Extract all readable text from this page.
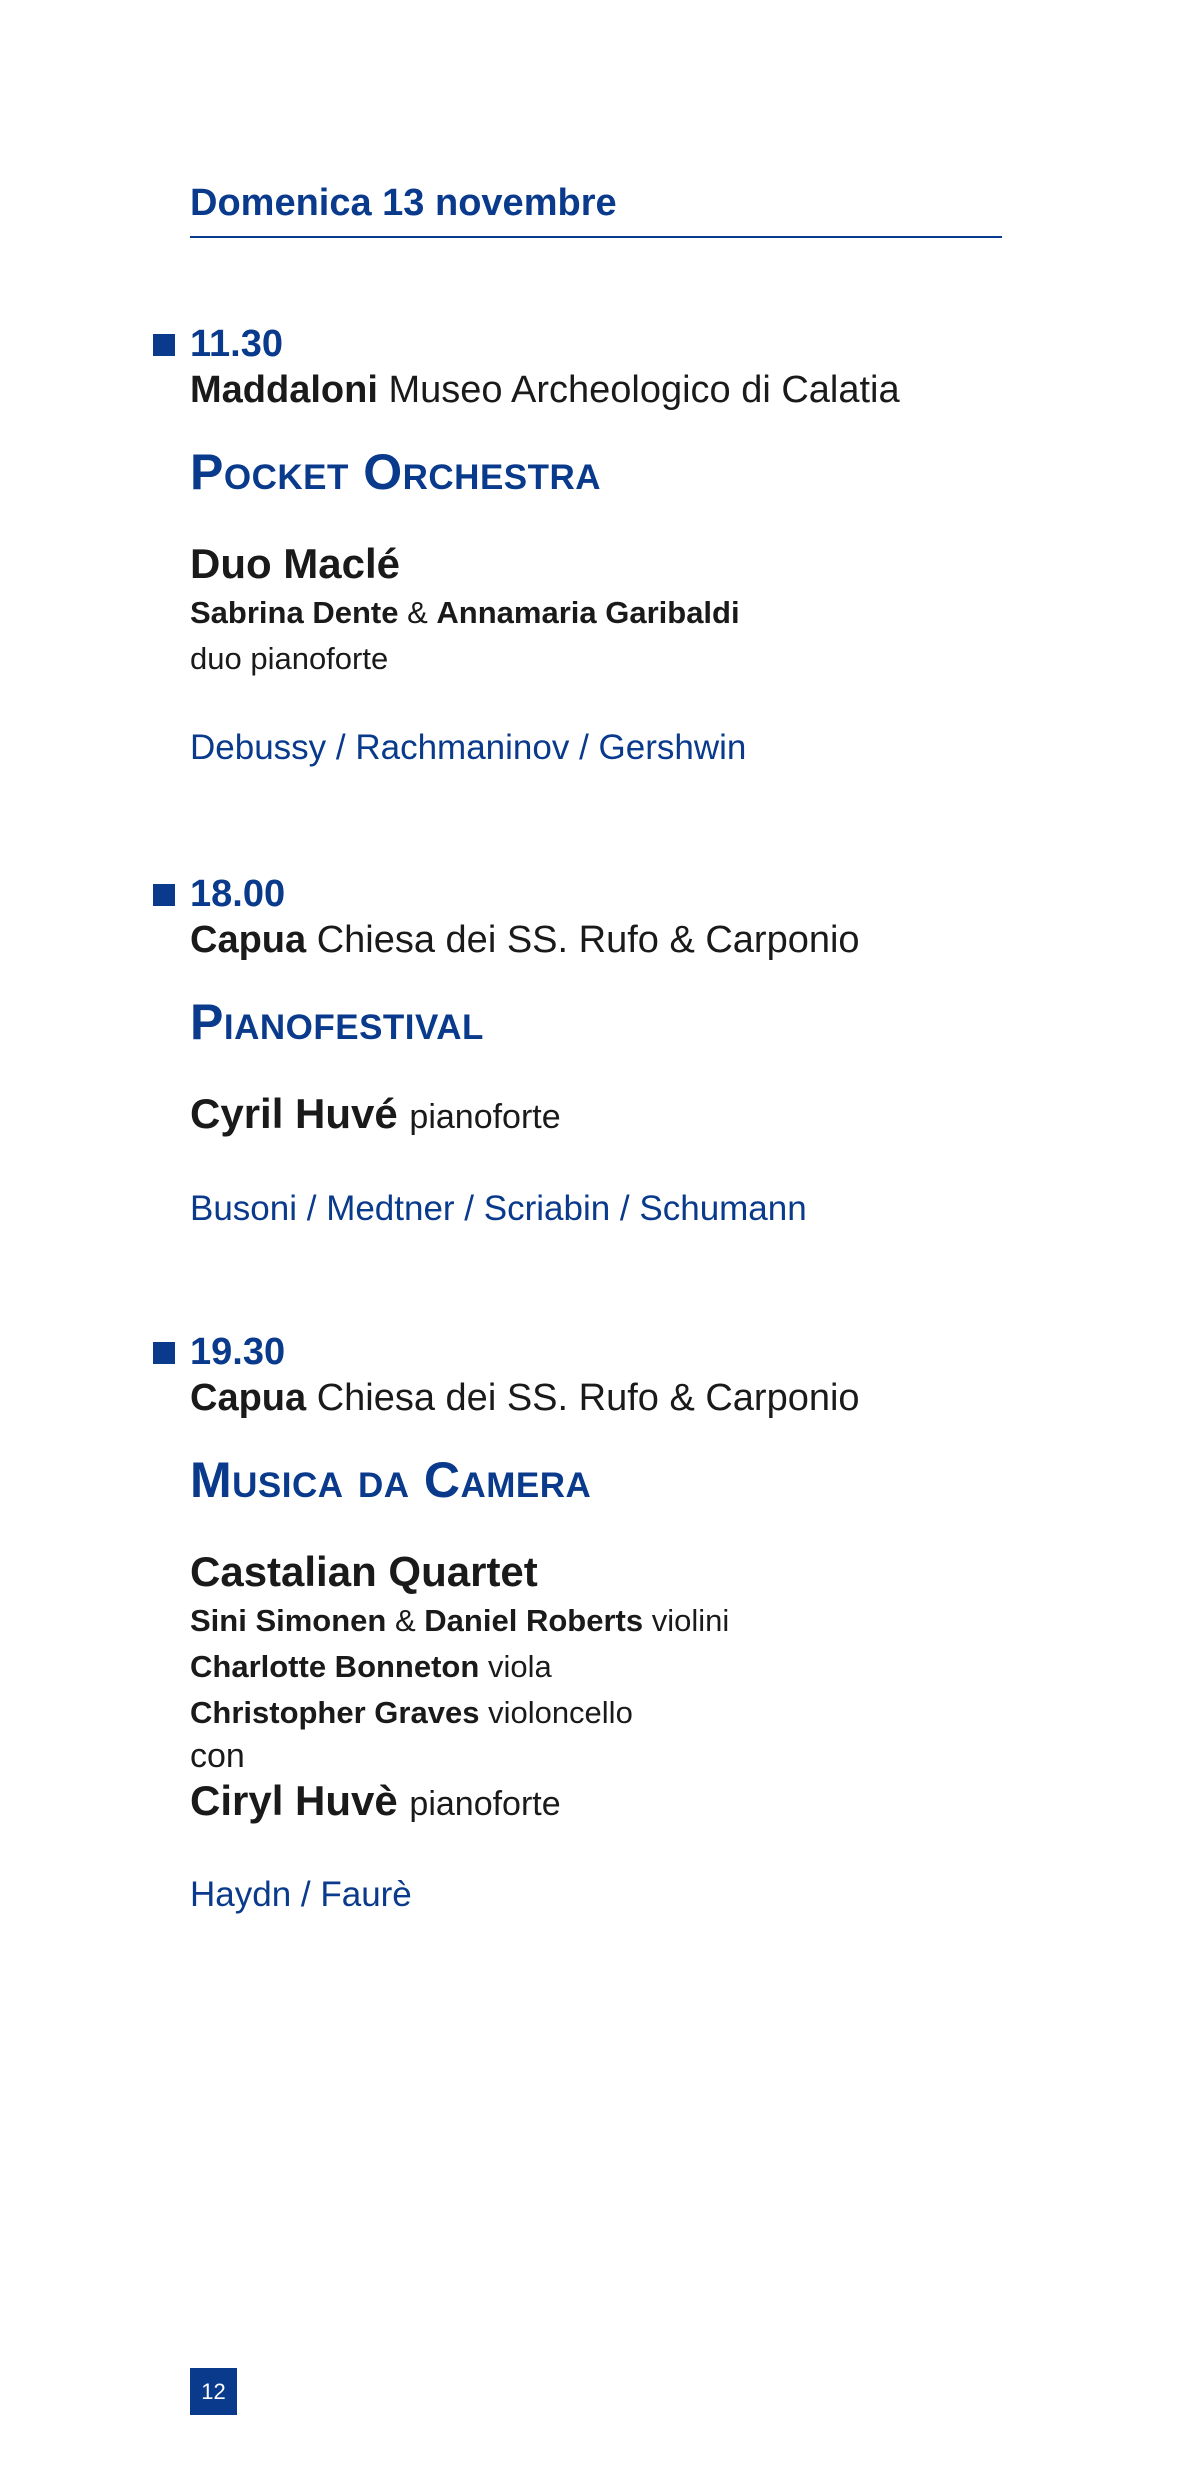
Domenica 13 novembre
11.30
Maddaloni Museo Archeologico di Calatia
Pocket Orchestra
Duo Maclé
Sabrina Dente & Annamaria Garibaldi
duo pianoforte
Debussy / Rachmaninov / Gershwin
18.00
Capua Chiesa dei SS. Rufo & Carponio
Pianofestival
Cyril Huvé pianoforte
Busoni / Medtner / Scriabin / Schumann
19.30
Capua Chiesa dei SS. Rufo & Carponio
Musica da Camera
Castalian Quartet
Sini Simonen & Daniel Roberts violini
Charlotte Bonneton viola
Christopher Graves violoncello
con
Ciryl Huvè pianoforte
Haydn / Faurè
12
